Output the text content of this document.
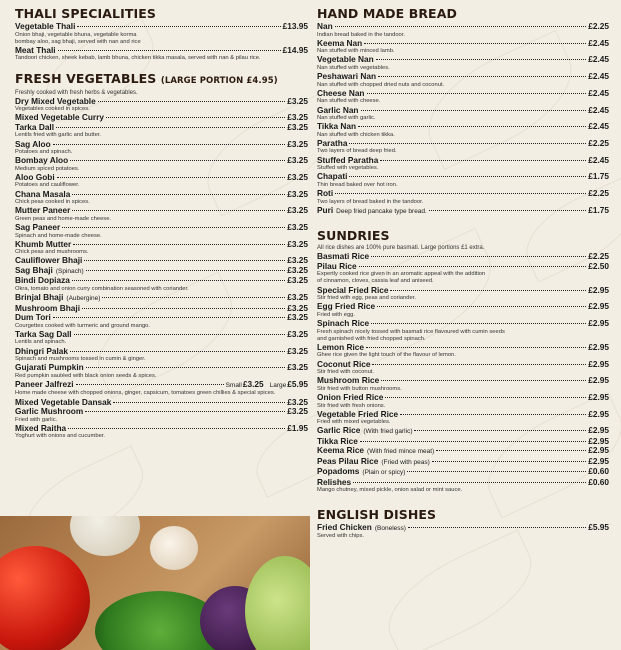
THALI SPECIALITIES
Vegetable Thali	£13.95
Onion bhaji, vegetable bhuna, vegetable korma
bombay aloo, sag bhaji, served with nan and rice
Meat Thali	£14.95
Tandoori chicken, sheek kebab, lamb bhuna, chicken tikka masala, served with nan & pilau rice.
FRESH VEGETABLES (LARGE PORTION £4.95)
Freshly cooked with fresh herbs & vegetables.
Dry Mixed Vegetable	£3.25
Vegetables cooked in spices.
Mixed Vegetable Curry	£3.25
Tarka Dall	£3.25
Lentils fried with garlic and butter.
Sag Aloo	£3.25
Potatoes and spinach.
Bombay Aloo	£3.25
Medium spiced potatoes.
Aloo Gobi	£3.25
Potatoes and cauliflower.
Chana Masala	£3.25
Chick peas cooked in spices.
Mutter Paneer	£3.25
Green peas and home-made cheese.
Sag Paneer	£3.25
Spinach and home-made cheese.
Khumb Mutter	£3.25
Chick peas and mushrooms.
Cauliflower Bhaji	£3.25
Sag Bhaji (Spinach)	£3.25
Bindi Dopiaza	£3.25
Okra, tomato and onion curry combination seasoned with coriander.
Brinjal Bhaji (Aubergine)	£3.25
Mushroom Bhaji	£3.25
Dum Tori	£3.25
Courgettes cooked with turmeric and ground mango.
Tarka Sag Dall	£3.25
Lentils and spinach.
Dhingri Palak	£3.25
Spinach and mushrooms tossed in cumin & ginger.
Gujarati Pumpkin	£3.25
Red pumpkin sautéed with black onion seeds & spices.
Paneer Jalfrezi	Small £3.25 Large £5.95
Home made cheese with chopped onions, ginger, capsicum, tomatoes green chillies & special spices.
Mixed Vegetable Dansak	£3.25
Garlic Mushroom	£3.25
Fried with garlic.
Mixed Raitha	£1.95
Yoghurt with onions and cucumber.
HAND MADE BREAD
Nan	£2.25
Indian bread baked in the tandoor.
Keema Nan	£2.45
Nan stuffed with minced lamb.
Vegetable Nan	£2.45
Nan stuffed with vegetables.
Peshawari Nan	£2.45
Nan stuffed with chopped dried nuts and coconut.
Cheese Nan	£2.45
Nan stuffed with cheese.
Garlic Nan	£2.45
Nan stuffed with garlic.
Tikka Nan	£2.45
Nan stuffed with chicken tikka.
Paratha	£2.25
Two layers of bread deep fried.
Stuffed Paratha	£2.45
Stuffed with vegetables.
Chapati	£1.75
Thin bread baked over hot iron.
Roti	£2.25
Two layers of bread baked in the tandoor.
Puri Deep fried pancake type bread.	£1.75
SUNDRIES
All rice dishes are 100% pure basmati. Large portions £1 extra.
Basmati Rice	£2.25
Pilau Rice	£2.50
Expertly cooked rice given in an aromatic appeal with the addition
of cinnamon, cloves, cassia leaf and aniseed.
Special Fried Rice	£2.95
Stir fried with egg, peas and coriander.
Egg Fried Rice	£2.95
Fried with egg.
Spinach Rice	£2.95
Fresh spinach nicely tossed with basmati rice flavoured with cumin seeds
and garnished with fried chopped spinach.
Lemon Rice	£2.95
Ghee rice given the light touch of the flavour of lemon.
Coconut Rice	£2.95
Stir fried with coconut.
Mushroom Rice	£2.95
Stir fried with button mushrooms.
Onion Fried Rice	£2.95
Stir fried with fresh onions.
Vegetable Fried Rice	£2.95
Fried with mixed vegetables.
Garlic Rice (With fried garlic)	£2.95
Tikka Rice	£2.95
Keema Rice (With fried mince meat)	£2.95
Peas Pilau Rice (Fried with peas)	£2.95
Popadoms (Plain or spicy)	£0.60
Relishes	£0.60
Mango chutney, mixed pickle, onion salad or mint sauce.
ENGLISH DISHES
Fried Chicken (Boneless)	£5.95
Served with chips.
